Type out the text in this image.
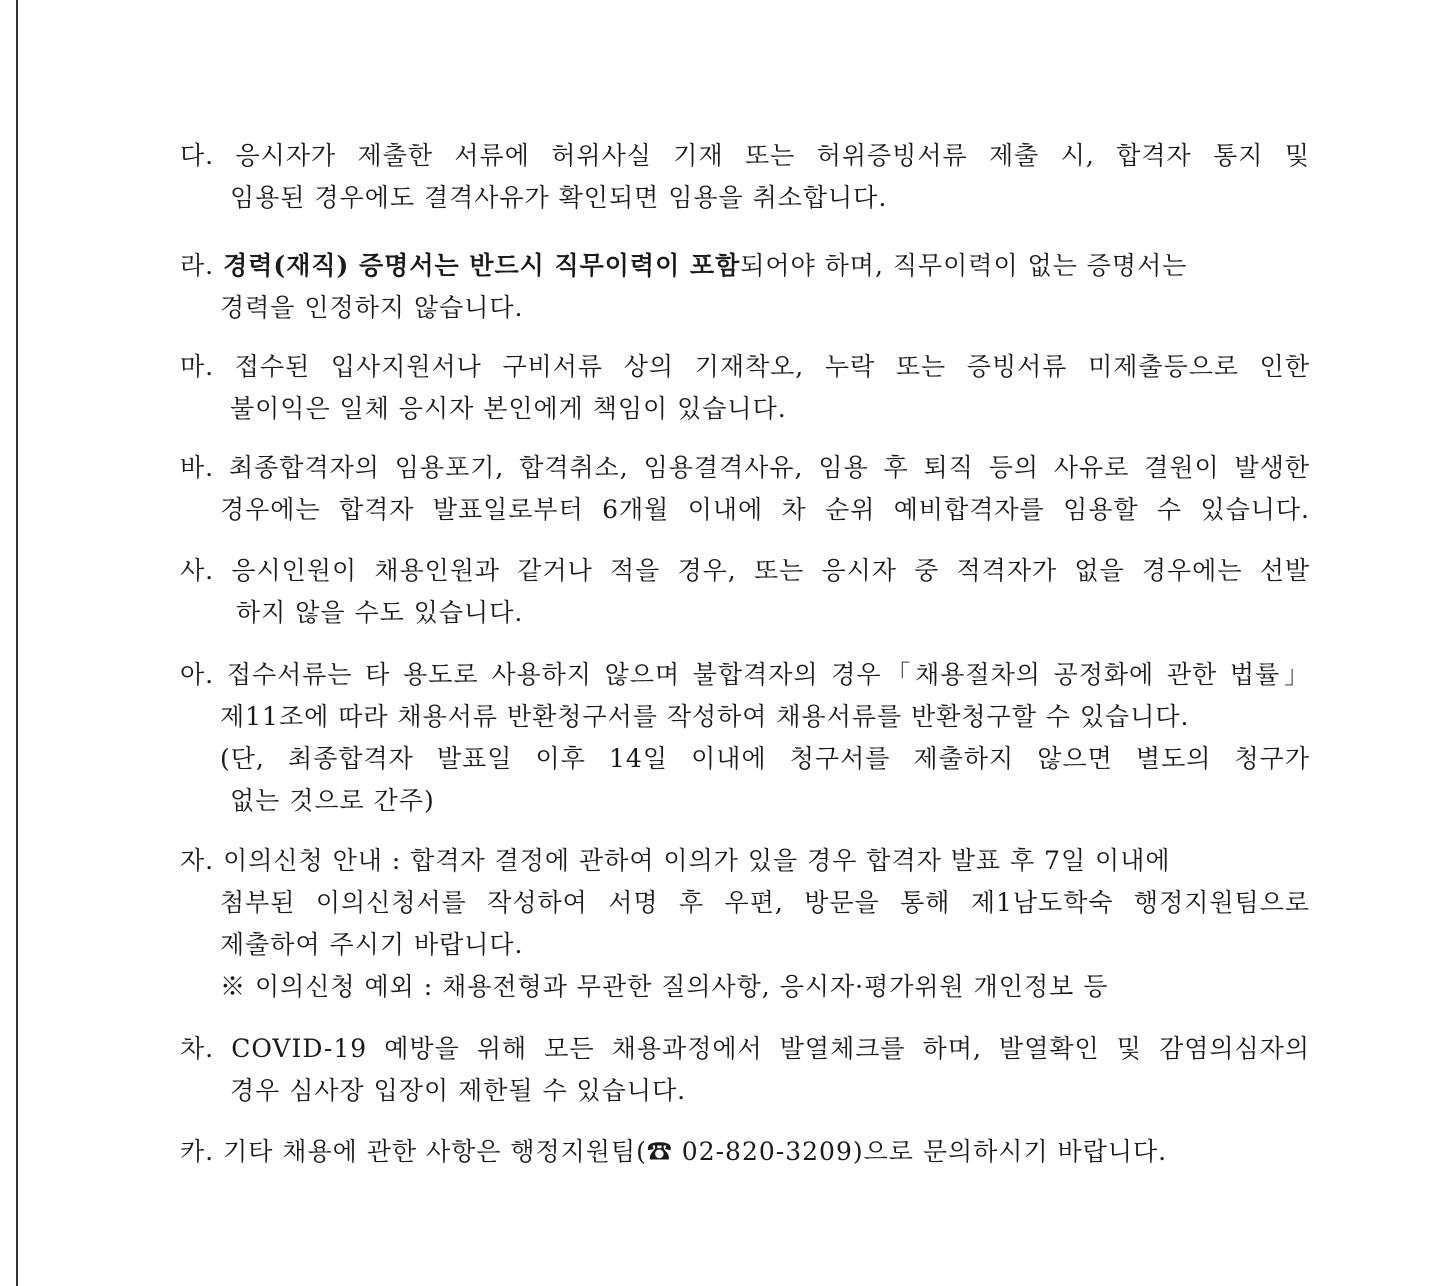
다. 응시자가 제출한 서류에 허위사실 기재 또는 허위증빙서류 제출 시, 합격자 통지 및
임용된 경우에도 결격사유가 확인되면 임용을 취소합니다.
라. 경력(재직) 증명서는 반드시 직무이력이 포함되어야 하며, 직무이력이 없는 증명서는
경력을 인정하지 않습니다.
마. 접수된 입사지원서나 구비서류 상의 기재착오, 누락 또는 증빙서류 미제출등으로 인한
불이익은 일체 응시자 본인에게 책임이 있습니다.
바. 최종합격자의 임용포기, 합격취소, 임용결격사유, 임용 후 퇴직 등의 사유로 결원이 발생한
경우에는 합격자 발표일로부터 6개월 이내에 차 순위 예비합격자를 임용할 수 있습니다.
사. 응시인원이 채용인원과 같거나 적을 경우, 또는 응시자 중 적격자가 없을 경우에는 선발
하지 않을 수도 있습니다.
아. 접수서류는 타 용도로 사용하지 않으며 불합격자의 경우「채용절차의 공정화에 관한 법률」
제11조에 따라 채용서류 반환청구서를 작성하여 채용서류를 반환청구할 수 있습니다.
(단, 최종합격자 발표일 이후 14일 이내에 청구서를 제출하지 않으면 별도의 청구가
없는 것으로 간주)
자. 이의신청 안내 : 합격자 결정에 관하여 이의가 있을 경우 합격자 발표 후 7일 이내에
첨부된 이의신청서를 작성하여 서명 후 우편, 방문을 통해 제1남도학숙 행정지원팀으로
제출하여 주시기 바랍니다.
※ 이의신청 예외 : 채용전형과 무관한 질의사항, 응시자·평가위원 개인정보 등
차. COVID-19 예방을 위해 모든 채용과정에서 발열체크를 하며, 발열확인 및 감염의심자의
경우 심사장 입장이 제한될 수 있습니다.
카. 기타 채용에 관한 사항은 행정지원팀(☎ 02-820-3209)으로 문의하시기 바랍니다.
